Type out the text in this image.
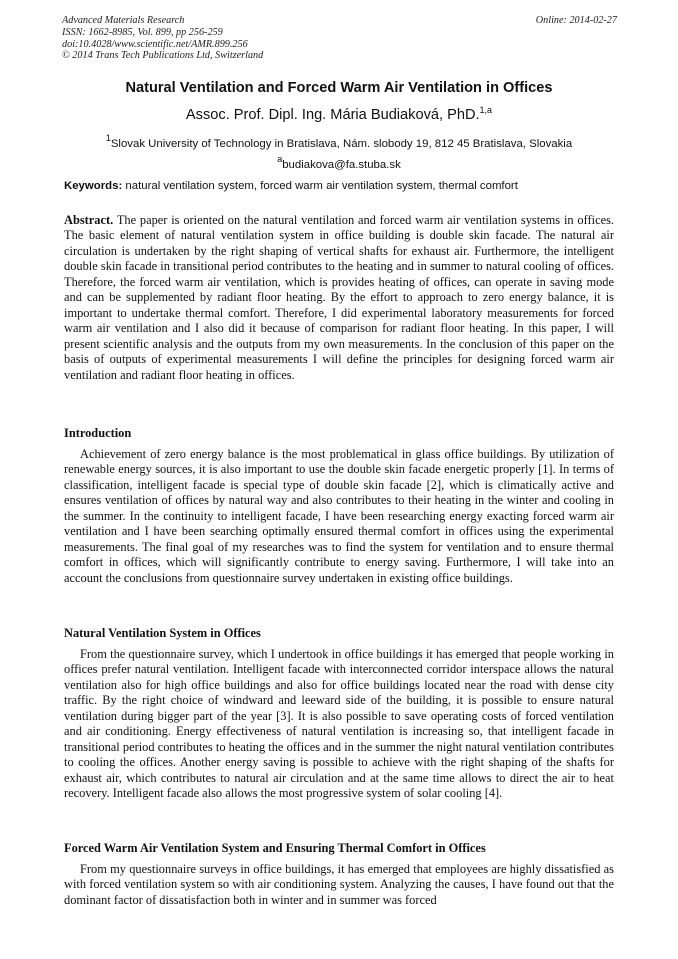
Advanced Materials Research
ISSN: 1662-8985, Vol. 899, pp 256-259
doi:10.4028/www.scientific.net/AMR.899.256
© 2014 Trans Tech Publications Ltd, Switzerland
Online: 2014-02-27
Natural Ventilation and Forced Warm Air Ventilation in Offices
Assoc. Prof. Dipl. Ing. Mária Budiaková, PhD.$^{1,a}$
$^1$Slovak University of Technology in Bratislava, Nám. slobody 19, 812 45 Bratislava, Slovakia
$^a$budiakova@fa.stuba.sk
Keywords: natural ventilation system, forced warm air ventilation system, thermal comfort

Abstract. The paper is oriented on the natural ventilation and forced warm air ventilation systems in offices. The basic element of natural ventilation system in office building is double skin facade. The natural air circulation is undertaken by the right shaping of vertical shafts for exhaust air. Furthermore, the intelligent double skin facade in transitional period contributes to the heating and in summer to natural cooling of offices. Therefore, the forced warm air ventilation, which is provides heating of offices, can operate in saving mode and can be supplemented by radiant floor heating. By the effort to approach to zero energy balance, it is important to undertake thermal comfort. Therefore, I did experimental laboratory measurements for forced warm air ventilation and I also did it because of comparison for radiant floor heating. In this paper, I will present scientific analysis and the outputs from my own measurements. In the conclusion of this paper on the basis of outputs of experimental measurements I will define the principles for designing forced warm air ventilation and radiant floor heating in offices.

Introduction

Achievement of zero energy balance is the most problematical in glass office buildings. By utilization of renewable energy sources, it is also important to use the double skin facade energetic properly [1]. In terms of classification, intelligent facade is special type of double skin facade [2], which is climatically active and ensures ventilation of offices by natural way and also contributes to their heating in the winter and cooling in the summer. In the continuity to intelligent facade, I have been researching energy exacting forced warm air ventilation and I have been searching optimally ensured thermal comfort in offices using the experimental measurements. The final goal of my researches was to find the system for ventilation and to ensure thermal comfort in offices, which will significantly contribute to energy saving. Furthermore, I will take into an account the conclusions from questionnaire survey undertaken in existing office buildings.

Natural Ventilation System in Offices

From the questionnaire survey, which I undertook in office buildings it has emerged that people working in offices prefer natural ventilation. Intelligent facade with interconnected corridor interspace allows the natural ventilation also for high office buildings and also for office buildings located near the road with dense city traffic. By the right choice of windward and leeward side of the building, it is possible to ensure natural ventilation during bigger part of the year [3]. It is also possible to save operating costs of forced ventilation and air conditioning. Energy effectiveness of natural ventilation is increasing so, that intelligent facade in transitional period contributes to heating the offices and in the summer the night natural ventilation contributes to cooling the offices. Another energy saving is possible to achieve with the right shaping of the shafts for exhaust air, which contributes to natural air circulation and at the same time allows to direct the air to heat recovery. Intelligent facade also allows the most progressive system of solar cooling [4].

Forced Warm Air Ventilation System and Ensuring Thermal Comfort in Offices

From my questionnaire surveys in office buildings, it has emerged that employees are highly dissatisfied as with forced ventilation system so with air conditioning system. Analyzing the causes, I have found out that the dominant factor of dissatisfaction both in winter and in summer was forced
